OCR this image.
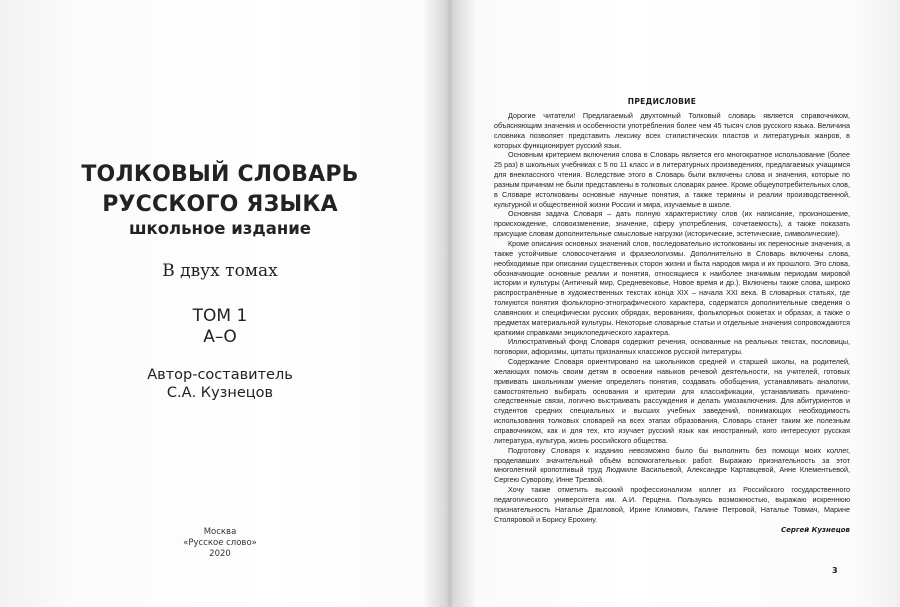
ТОЛКОВЫЙ СЛОВАРЬ
РУССКОГО ЯЗЫКА
школьное издание
В двух томах
ТОМ 1
А–О
Автор-составитель
С.А. Кузнецов
Москва
«Русское слово»
2020
ПРЕДИСЛОВИЕ

Дорогие читатели! Предлагаемый двухтомный Толковый словарь является справочником, объясняющим значения и особенности употребления более чем 45 тысяч слов русского языка. Величина словника позволяет представить лексику всех стилистических пластов и литературных жанров, в которых функционирует русский язык.

Основным критерием включения слова в Словарь является его многократное использование (более 25 раз) в школьных учебниках с 5 по 11 класс и в литературных произведениях, предлагаемых учащимся для внеклассного чтения. Вследствие этого в Словарь были включены слова и значения, которые по разным причинам не были представлены в толковых словарях ранее. Кроме общеупотребительных слов, в Словаре истолкованы основные научные понятия, а также термины и реалии производственной, культурной и общественной жизни России и мира, изучаемые в школе.

Основная задача Словаря – дать полную характеристику слов (их написание, произношение, происхождение, словоизменение, значение, сферу употребления, сочетаемость), а также показать присущие словам дополнительные смысловые нагрузки (исторические, эстетические, символические).

Кроме описания основных значений слов, последовательно истолкованы их переносные значения, а также устойчивые словосочетания и фразеологизмы. Дополнительно в Словарь включены слова, необходимые при описании существенных сторон жизни и быта народов мира и их прошлого. Это слова, обозначающие основные реалии и понятия, относящиеся к наиболее значимым периодам мировой истории и культуры (Античный мир, Средневековье, Новое время и др.). Включены также слова, широко распространённые в художественных текстах конца XIX – начала XXI века. В словарных статьях, где толкуются понятия фольклорно-этнографического характера, содержатся дополнительные сведения о славянских и специфически русских обрядах, верованиях, фольклорных сюжетах и образах, а также о предметах материальной культуры. Некоторые словарные статьи и отдельные значения сопровождаются краткими справками энциклопедического характера.

Иллюстративный фонд Словаря содержит речения, основанные на реальных текстах, пословицы, поговорки, афоризмы, цитаты признанных классиков русской литературы.

Содержание Словаря ориентировано на школьников средней и старшей школы, на родителей, желающих помочь своим детям в освоении навыков речевой деятельности, на учителей, готовых прививать школьникам умение определять понятия, создавать обобщения, устанавливать аналогии, самостоятельно выбирать основания и критерии для классификации, устанавливать причинно-следственные связи, логично выстраивать рассуждения и делать умозаключения. Для абитуриентов и студентов средних специальных и высших учебных заведений, понимающих необходимость использования толковых словарей на всех этапах образования, Словарь станет таким же полезным справочником, как и для тех, кто изучает русский язык как иностранный, кого интересуют русская литература, культура, жизнь российского общества.

Подготовку Словаря к изданию невозможно было бы выполнить без помощи моих коллег, проделавших значительный объём вспомогательных работ. Выражаю признательность за этот многолетний кропотливый труд Людмиле Васильевой, Александре Картавцевой, Анне Клементьевой, Сергею Суворову, Инне Трезвой.

Хочу также отметить высокий профессионализм коллег из Российского государственного педагогического университета им. А.И. Герцена. Пользуясь возможностью, выражаю искреннюю признательность Наталье Драгловой, Ирине Климович, Галине Петровой, Наталье Товмач, Марине Столяровой и Борису Ерохину.

Сергей Кузнецов
3
